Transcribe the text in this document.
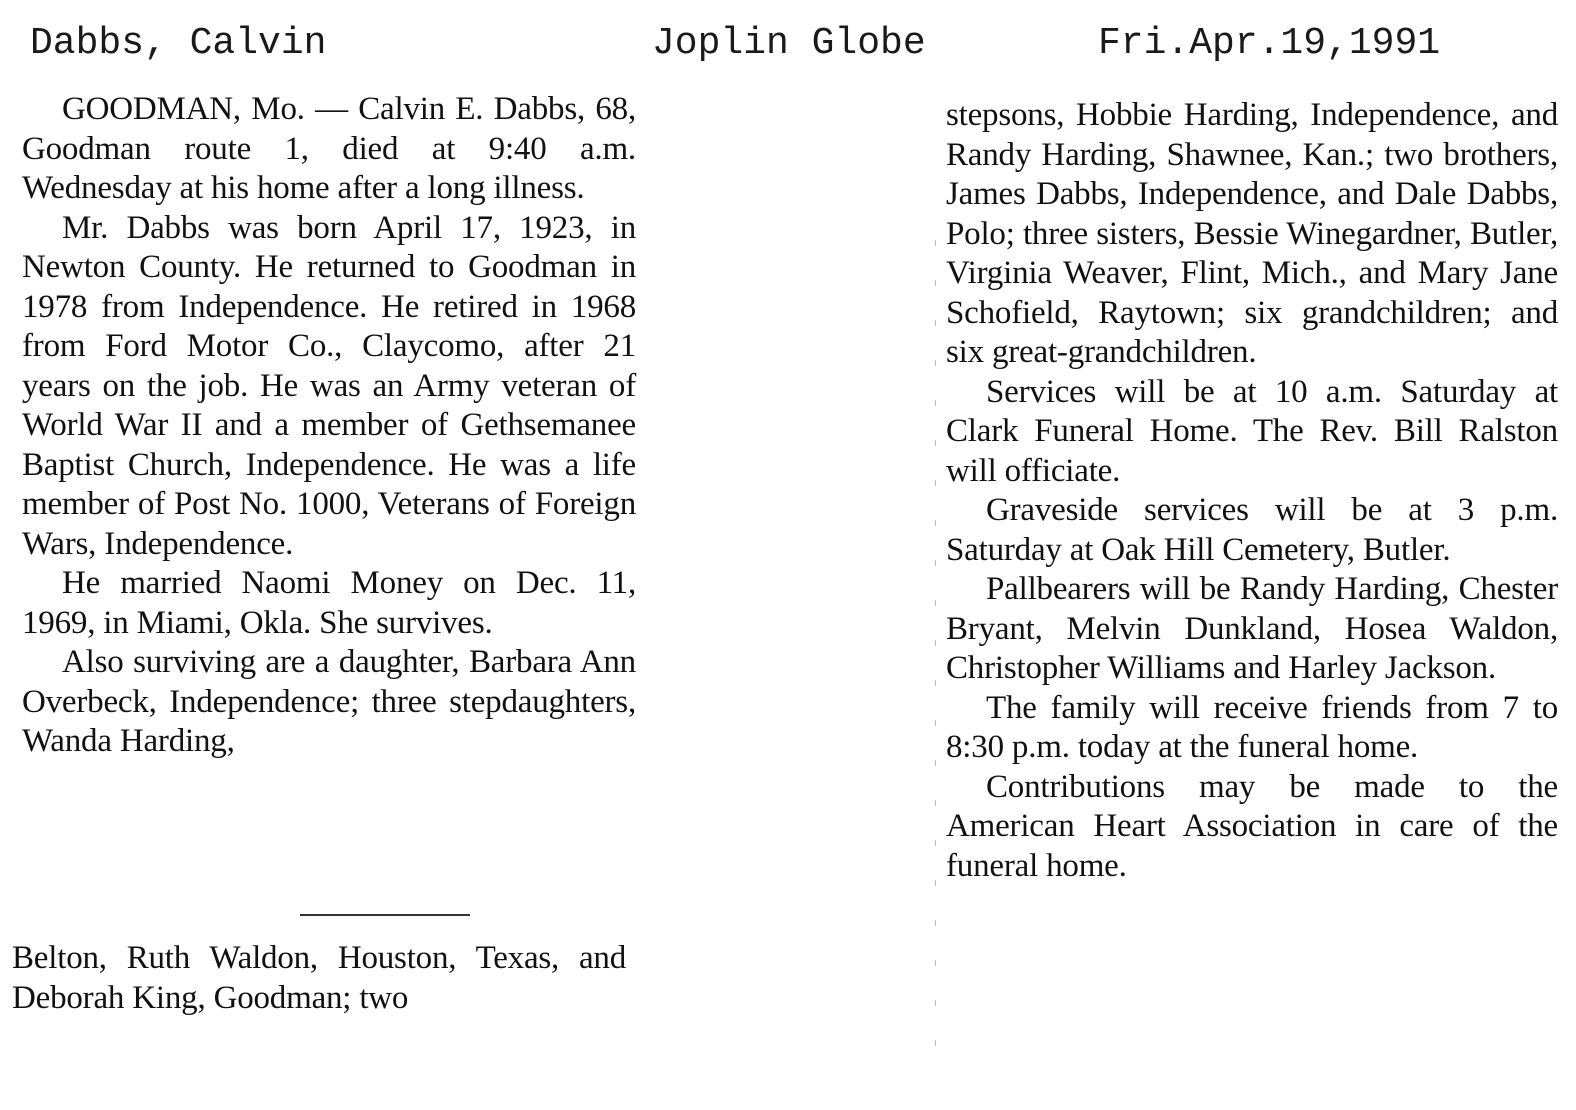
Dabbs, Calvin	Joplin Globe	Fri.Apr.19,1991

GOODMAN, Mo. — Calvin E. Dabbs, 68, Goodman route 1, died at 9:40 a.m. Wednesday at his home after a long illness.

Mr. Dabbs was born April 17, 1923, in Newton County. He returned to Goodman in 1978 from Independence. He retired in 1968 from Ford Motor Co., Claycomo, after 21 years on the job. He was an Army veteran of World War II and a member of Gethsemanee Baptist Church, Independence. He was a life member of Post No. 1000, Veterans of Foreign Wars, Independence.

He married Naomi Money on Dec. 11, 1969, in Miami, Okla. She survives.

Also surviving are a daughter, Barbara Ann Overbeck, Independence; three stepdaughters, Wanda Harding,

Belton, Ruth Waldon, Houston, Texas, and Deborah King, Goodman; two

stepsons, Hobbie Harding, Independence, and Randy Harding, Shawnee, Kan.; two brothers, James Dabbs, Independence, and Dale Dabbs, Polo; three sisters, Bessie Winegardner, Butler, Virginia Weaver, Flint, Mich., and Mary Jane Schofield, Raytown; six grandchildren; and six great-grandchildren.

Services will be at 10 a.m. Saturday at Clark Funeral Home. The Rev. Bill Ralston will officiate.

Graveside services will be at 3 p.m. Saturday at Oak Hill Cemetery, Butler.

Pallbearers will be Randy Harding, Chester Bryant, Melvin Dunkland, Hosea Waldon, Christopher Williams and Harley Jackson.

The family will receive friends from 7 to 8:30 p.m. today at the funeral home.

Contributions may be made to the American Heart Association in care of the funeral home.
